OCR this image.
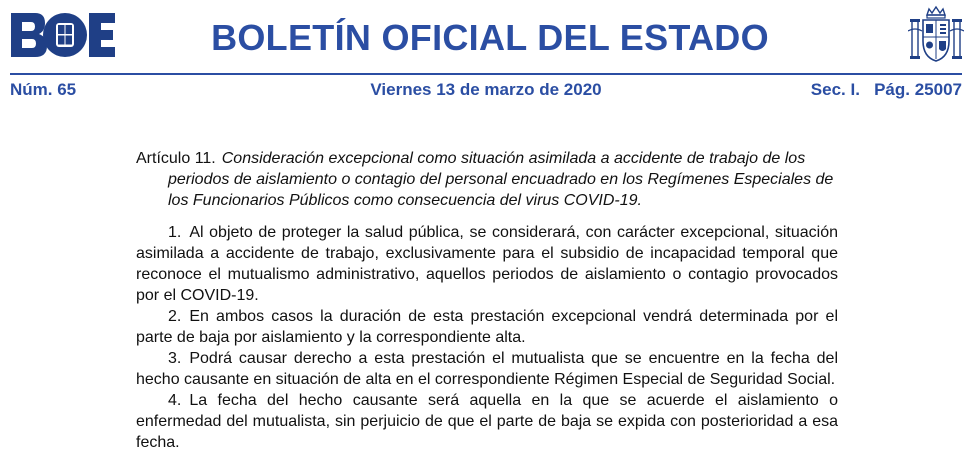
BOLETÍN OFICIAL DEL ESTADO
Viernes 13 de marzo de 2020
Núm. 65	Sec. I.   Pág. 25007

Artículo 11. Consideración excepcional como situación asimilada a accidente de trabajo de los periodos de aislamiento o contagio del personal encuadrado en los Regímenes Especiales de los Funcionarios Públicos como consecuencia del virus COVID-19.

1. Al objeto de proteger la salud pública, se considerará, con carácter excepcional, situación asimilada a accidente de trabajo, exclusivamente para el subsidio de incapacidad temporal que reconoce el mutualismo administrativo, aquellos periodos de aislamiento o contagio provocados por el COVID-19.

2. En ambos casos la duración de esta prestación excepcional vendrá determinada por el parte de baja por aislamiento y la correspondiente alta.

3. Podrá causar derecho a esta prestación el mutualista que se encuentre en la fecha del hecho causante en situación de alta en el correspondiente Régimen Especial de Seguridad Social.

4. La fecha del hecho causante será aquella en la que se acuerde el aislamiento o enfermedad del mutualista, sin perjuicio de que el parte de baja se expida con posterioridad a esa fecha.
